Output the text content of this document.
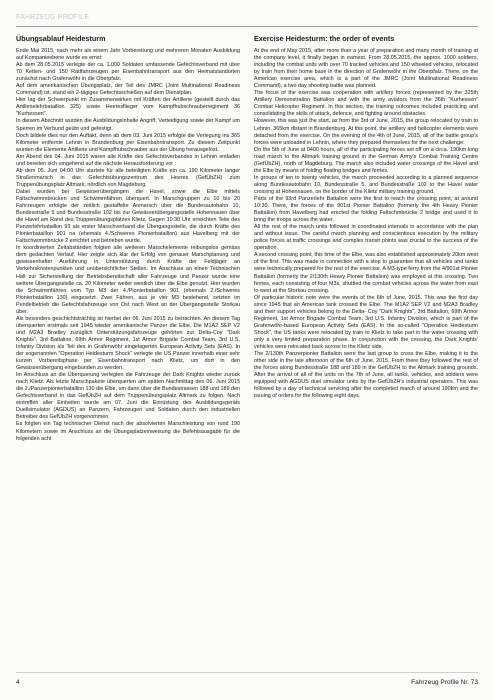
FAHRZEUG PROFILE
Übungsablauf Heidesturm

Ende Mai 2015, nach mehr als einem Jahr Vorbereitung und mehreren Monaten Ausbildung auf Kompanieebene wurde es ernst:

Ab dem 28.05.2015 verlegte der ca. 1.000 Soldaten umfassende Gefechtsverband mit über 70 Ketten- und 150 Radfahrzeugen per Eisenbahntransport aus den Heimatstandorten zunächst nach Grafenwöhr in die Oberpfalz.

Auf dem amerikanischen Übungsplatz, der Teil des JMRC (Joint Multinational Readiness Command) ist, stand ein 2-tägiges Gefechtsschießen auf dem Dienstplan.

Hier lag der Schwerpunkt im Zusammenwirken mit Kräften der Artillerie (gestellt durch das Artillerielehrbataillon 325) sowie Heeresflieger vom Kampfhubschrauberregiment 36 "Kurhessen".

In diesem Abschnitt wurden die Ausbildungsinhalte Angriff, Verteidigung sowie der Kampf um Sperren im Verbund geübt und gefestigt.

Doch bildete dies nur den Auftakt, denn ab dem 03. Juni 2015 erfolgte die Verlegung ins 365 Kilometer entfernte Lehnin in Brandenburg per Eisenbahntransport. Zu diesem Zeitpunkt wurden die Elemente Artillerie und Kampfhubschrauber aus der Übung herausgelöst.

Am Abend des 04. Juni 2015 waren alle Kräfte des Gefechtsverbandes in Lehnin entladen und bereiten sich umgehend auf die nächste Herausforderung vor :

Ab dem 05. Juni 04:00 Uhr startete für alle beteiligten Kräfte ein ca. 190 Kilometer langer Straßenmarsch in das Gefechtsübungszentrum des Heeres (GefÜbZH) zum Truppenübungsplatz Altmark, nördlich von Magdeburg.

Dabei wurden bei Gewässerübergängen die Havel, sowie die Elbe mittels Faltschwimmbrücken und Schwimmfähren überquert. In Marschgruppen zu 10 bis 20 Fahrzeugen erfolgte der zeitlich gestaffelte Anmarsch über die Bundesautobahn 10, Bundesstraße 5 und Bundesstraße 102 bis zur Gewässerübergangsstelle Hohennauen über die Havel am Rand des Truppenübungsplatzes Klietz. Gegen 10:30 Uhr erreichten Teile des Panzerlehrbataillon 93 als erster Marschverband die Übergangsstelle, die durch Kräfte des Pionierbataillon 901 na (ehemals 4./Schweres Pionierbataillon) aus Havelberg mit der Faltschwimmbrücke 2 errichtet und betrieben wurde.

In koordinierten Zeitabständen folgten alle weiteren Marschelemente reibungslos gemäss dem gedachten Verlauf. Hier zeigte sich klar der Erfolg von genauer Marschplanung und gewissenhafter Ausführung in Unterstützung durch Kräfte der Feldjäger an Verkehrsknotenpunkten und unübersichtlicher Stellen. Im Anschluss an einen Technischen Halt zur Sicherstellung der Betriebsbereitschaft aller Fahrzeuge und Panzer wurde eine weitere Übergangsstelle ca. 20 Kilometer weiter westlich über die Elbe genutzt. Hier wurden die Schwimmfähren vom Typ M3 der 4./Pionierbataillon 901 (ehemals 2./Schweres Pionierbataillon 130) eingesetzt. Zwei Fähren, aus je vier M3 bestehend, setzten im Pendelbetrieb die Gefechtsfahrzeuge von Ost nach West an der Übergangsstelle Storkau über.

Als besonders geschichtsträchtig ist hierbei der 06. Juni 2015 zu betrachten. An diesem Tag überquerten erstmals seit 1945 wieder amerikanische Panzer die Elbe. Die M1A2 SEP V2 und M2A3 Bradley zuzüglich Unterstützungsfahrzeuge gehörten zur Delta-Coy "Dark Knights", 3rd Battalion, 69th Armor Regiment, 1st Armor Brigade Combat Team, 3rd U.S. Infantry Division als Teil des in Grafenwöhr eingelagerten European Activity Sets (EAS). In der sogenannten "Operation Heidesturm Shock" verlegte die US Panzer innerhalb einer sehr kurzen Vorbereitsphase per Eisenbahntransport nach Klietz, um dort in den Gewässerübergang eingebunden zu werden.

Im Anschluss an die Überquerung verlegten die Fahrzeuge der Dark Knights wieder zurück nach Klietz. Als letzte Marschpakete überquerten am späten Nachmittag des 06. Juni 2015 die 2./Panzerpionierbataillon 130 die Elbe, um dann über die Bundestrassen 188 und 189 den Gefechtsverband in das GefÜbZH auf dem Truppenübungsplatz Altmark zu folgen. Nach eintreffen aller Einheiten wurde am 07. Juni die Einrüstung des Ausbildungsgeräts Duellsimulator (AGDUS) an Panzern, Fahrzeugen und Soldaten durch den industriellen Betreiber des GefÜbZH vorgenommen.

Es folgten ein Tag technischer Dienst nach der absolvierten Marschleistung von rund 190 Kilometern sowie im Anschluss an die Übungsplatzeinweisung die Befehlsausgabe für die folgenden acht

Exercise Heidesturm: the order of events

At the end of May 2015, after more than a year of preparation and many month of training at the company level, it finally began in earnest. From 28.05.2015, the approx. 1000 soldiers, including the combat units with over 70 tracked vehicles and 150 wheeled vehicles, relocated by train from their home base in the direction of Grafenwöhr in the Oberpfalz. There, on the American exercise area, which is a part of the JMRC (Joint Multinational Readiness Command), a two day shooting battle was planned.

The focus of the exercise was cooperation with artillery forces (represented by the 325th Artillery Demonstration Battalion and with the army aviators from the 36th "Kurhessen" Combat Helicopter Regiment. In this section, the training outcomes included practicing and consolidating the skills of attack, defence, and fighting around obstacles.

However, this was just the start, as from the 3rd of June, 2015, the group relocated by train to Lehnin, 365km distant in Brandenburg. At this point, the artillery and helicopter elements were detached from the exercise. On the evening of the 4th of June, 2015, all of the battle group's forces were unloaded in Lehnin, where they prepared themselves for the next challenge:

On the 5th of June at 0400 hours, all of the participating forces set off on a circa. 190km long road march to the Altmark training ground in the German Army's Combat Training Centre (GefÜbZH), north of Magdeburg. The march also included water crossings of the Havel and the Elbe by means of folding floating bridges and ferries.

In groups of ten to twenty vehicles, the march proceeded according to a planned sequence along Bundesautobahn 10, Bundesstraße 5, and Bundesstraße 102 to the Havel water crossing at Hohennauen, on the border of the Klietz military training ground.

Parts of the 93rd Panzerlehr Battalion were the first to reach the crossing point, at around 10:30. There, the forces of the 901st Pionier Battalion (formerly the 4th Heavy Pionier Battalion) from Havelberg had erected the folding Faltschmbrücke 2 bridge and used it to bring the troops across the water.

All the rest of the march units followed in coordinated intervals in accordance with the plan and without issue. The careful march planning and conscientious execution by the military police forces at traffic crossings and complex transit points was crucial to the success of the operation.

A second crossing point, this time of the Elbe, was also established approximately 20km west of the first. This was made in connection with a stop to guarantee that all vehicles and tanks were technically prepared for the rest of the exercise. A M3-type ferry from the 4/901st Pionier Battalion (formerly the 2/130th Heavy Pionier Battalion) was employed at this crossing. Two ferries, each consisting of four M3s, shuttled the combat vehicles across the water from east to west at the Storkau crossing.

Of particular historic note were the events of the 6th of June, 2015. This was the first day since 1945 that an American tank crossed the Elbe. The M1A2 SEP V2 and M2A3 Bradley and their support vehicles belong to the Delta- Coy "Dark Knights", 3rd Battalion, 69th Armor Regiment, 1st Armor Brigade Combat Team, 3rd U.S. Infantry Division, which is part of the Grafenwöhr-based European Activity Sets (EAS). In the so-called "Operation Heidesturm Shock", the US tanks were relocated by train to Klietz to take part in the water crossing with only a very limited preparation phase. In conjunction with the crossing, the Dark Knights' vehicles were relocated back across to the Klietz side.

The 2/130th Panzerpionier Battalion were the last group to cross the Elbe, making it to the other side in the late afternoon of the 6th of June, 2015. From there they followed the rest of the forces along Bundesstraße 188 and 189 in the GefÜbZH to the Altmark training grounds. After the arrival of all of the units on the 7th of June, all tanks, vehicles, and soldiers were equipped with AGDUS duel simulator units by the GefÜbZH's industrial operators. This was followed by a day of technical servicing after the completed march of around 190km and the issuing of orders for the following eight days.

4	Fahrzeug Profile Nr. 73
